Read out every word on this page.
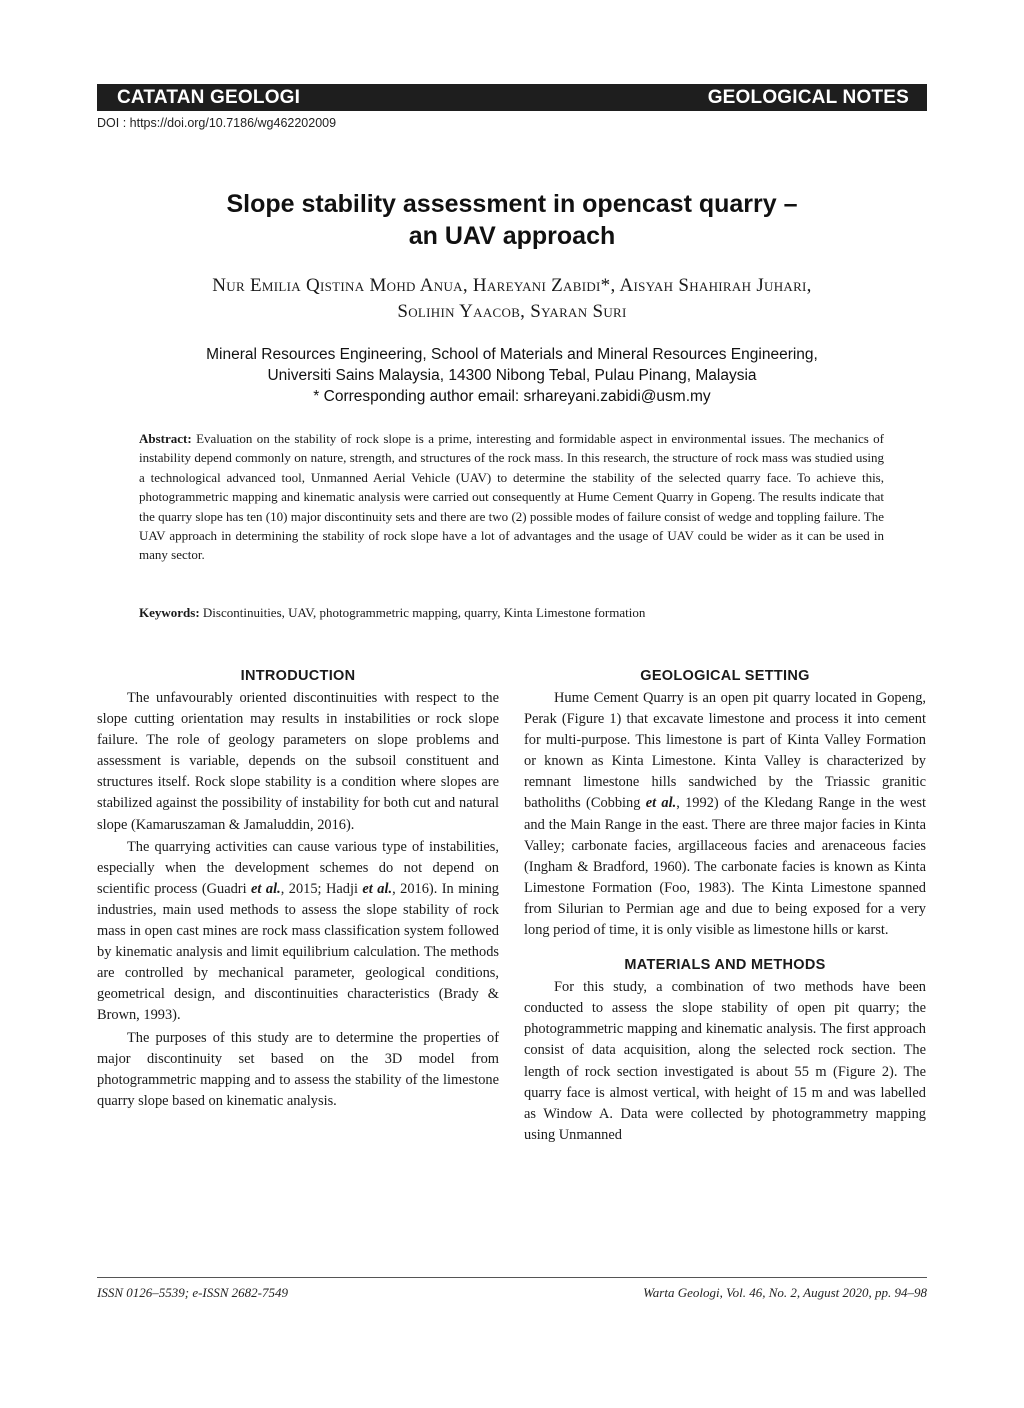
CATATAN GEOLOGI	GEOLOGICAL NOTES
DOI : https://doi.org/10.7186/wg462202009
Slope stability assessment in opencast quarry –
an UAV approach
Nur Emilia Qistina Mohd Anua, Hareyani Zabidi*, Aisyah Shahirah Juhari,
Solihin Yaacob, Syaran Suri
Mineral Resources Engineering, School of Materials and Mineral Resources Engineering,
Universiti Sains Malaysia, 14300 Nibong Tebal, Pulau Pinang, Malaysia
* Corresponding author email: srhareyani.zabidi@usm.my
Abstract: Evaluation on the stability of rock slope is a prime, interesting and formidable aspect in environmental issues. The mechanics of instability depend commonly on nature, strength, and structures of the rock mass. In this research, the structure of rock mass was studied using a technological advanced tool, Unmanned Aerial Vehicle (UAV) to determine the stability of the selected quarry face. To achieve this, photogrammetric mapping and kinematic analysis were carried out consequently at Hume Cement Quarry in Gopeng. The results indicate that the quarry slope has ten (10) major discontinuity sets and there are two (2) possible modes of failure consist of wedge and toppling failure. The UAV approach in determining the stability of rock slope have a lot of advantages and the usage of UAV could be wider as it can be used in many sector.
Keywords: Discontinuities, UAV, photogrammetric mapping, quarry, Kinta Limestone formation
INTRODUCTION

The unfavourably oriented discontinuities with respect to the slope cutting orientation may results in instabilities or rock slope failure. The role of geology parameters on slope problems and assessment is variable, depends on the subsoil constituent and structures itself. Rock slope stability is a condition where slopes are stabilized against the possibility of instability for both cut and natural slope (Kamaruszaman & Jamaluddin, 2016).

The quarrying activities can cause various type of instabilities, especially when the development schemes do not depend on scientific process (Guadri et al., 2015; Hadji et al., 2016). In mining industries, main used methods to assess the slope stability of rock mass in open cast mines are rock mass classification system followed by kinematic analysis and limit equilibrium calculation. The methods are controlled by mechanical parameter, geological conditions, geometrical design, and discontinuities characteristics (Brady & Brown, 1993).

The purposes of this study are to determine the properties of major discontinuity set based on the 3D model from photogrammetric mapping and to assess the stability of the limestone quarry slope based on kinematic analysis.

GEOLOGICAL SETTING

Hume Cement Quarry is an open pit quarry located in Gopeng, Perak (Figure 1) that excavate limestone and process it into cement for multi-purpose. This limestone is part of Kinta Valley Formation or known as Kinta Limestone. Kinta Valley is characterized by remnant limestone hills sandwiched by the Triassic granitic batholiths (Cobbing et al., 1992) of the Kledang Range in the west and the Main Range in the east. There are three major facies in Kinta Valley; carbonate facies, argillaceous facies and arenaceous facies (Ingham & Bradford, 1960). The carbonate facies is known as Kinta Limestone Formation (Foo, 1983). The Kinta Limestone spanned from Silurian to Permian age and due to being exposed for a very long period of time, it is only visible as limestone hills or karst.

MATERIALS AND METHODS

For this study, a combination of two methods have been conducted to assess the slope stability of open pit quarry; the photogrammetric mapping and kinematic analysis. The first approach consist of data acquisition, along the selected rock section. The length of rock section investigated is about 55 m (Figure 2). The quarry face is almost vertical, with height of 15 m and was labelled as Window A. Data were collected by photogrammetry mapping using Unmanned

ISSN 0126–5539; e-ISSN 2682-7549	Warta Geologi, Vol. 46, No. 2, August 2020, pp. 94–98
